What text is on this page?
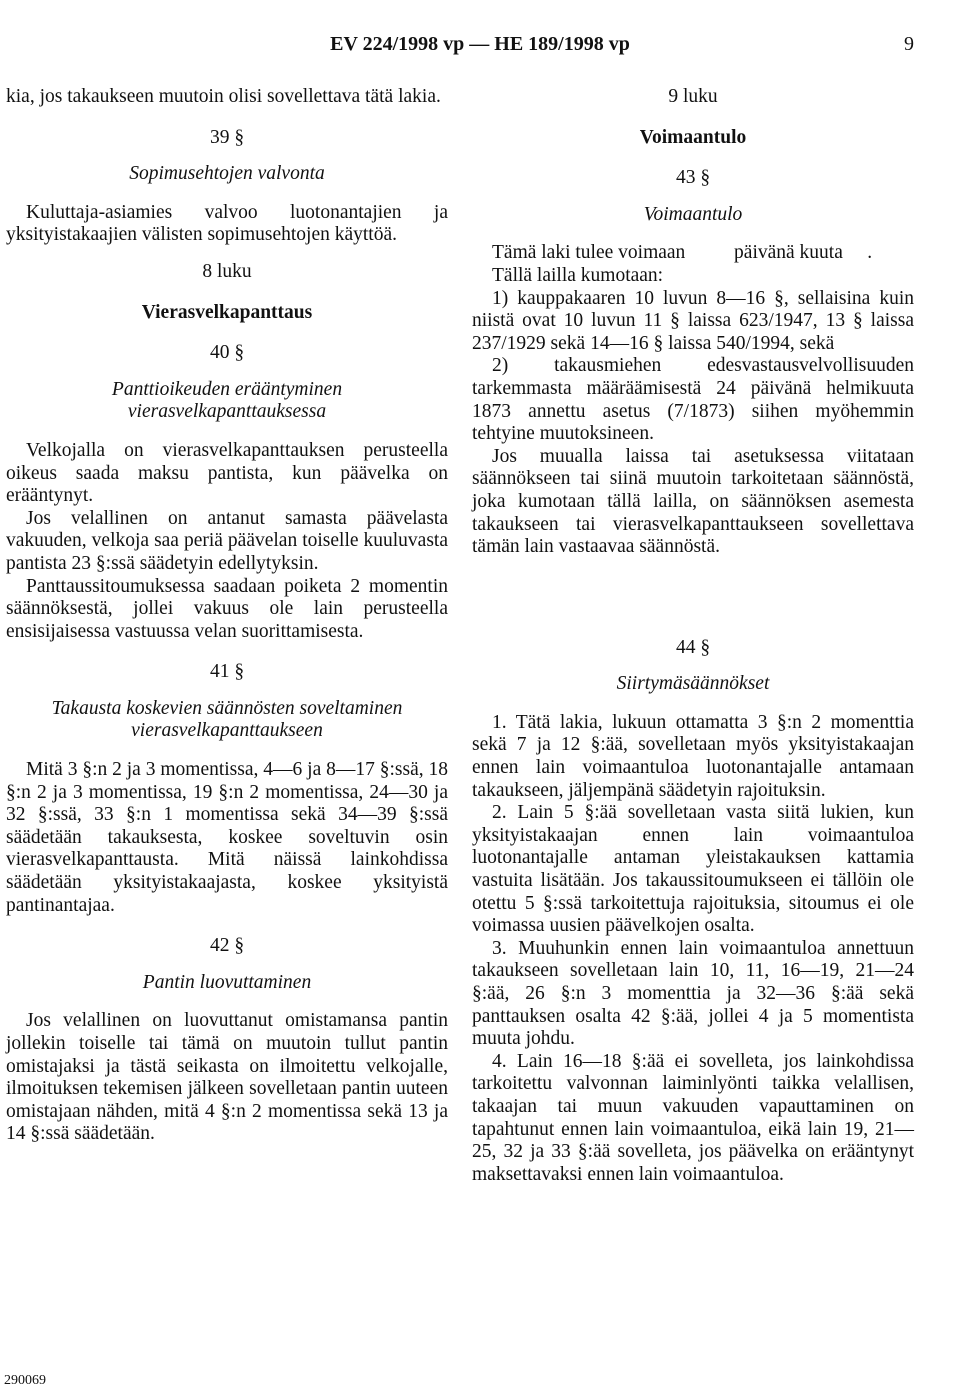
EV 224/1998 vp — HE 189/1998 vp	9

kia, jos takaukseen muutoin olisi sovellettava tätä lakia.

39 §

Sopimusehtojen valvonta

Kuluttaja-asiamies valvoo luotonantajien ja yksityistakaajien välisten sopimusehtojen käyttöä.

8 luku

Vierasvelkapanttaus

40 §

Panttioikeuden erääntyminen vierasvelkapanttauksessa

Velkojalla on vierasvelkapanttauksen perusteella oikeus saada maksu pantista, kun päävelka on erääntynyt.

Jos velallinen on antanut samasta päävelasta vakuuden, velkoja saa periä päävelan toiselle kuuluvasta pantista 23 §:ssä säädetyin edellytyksin.

Panttaussitoumuksessa saadaan poiketa 2 momentin säännöksestä, jollei vakuus ole lain perusteella ensisijaisessa vastuussa velan suorittamisesta.

41 §

Takausta koskevien säännösten soveltaminen vierasvelkapanttaukseen

Mitä 3 §:n 2 ja 3 momentissa, 4—6 ja 8—17 §:ssä, 18 §:n 2 ja 3 momentissa, 19 §:n 2 momentissa, 24—30 ja 32 §:ssä, 33 §:n 1 momentissa sekä 34—39 §:ssä säädetään takauksesta, koskee soveltuvin osin vierasvelkapanttausta. Mitä näissä lainkohdissa säädetään yksityistakaajasta, koskee yksityistä pantinantajaa.

42 §

Pantin luovuttaminen

Jos velallinen on luovuttanut omistamansa pantin jollekin toiselle tai tämä on muutoin tullut pantin omistajaksi ja tästä seikasta on ilmoitettu velkojalle, ilmoituksen tekemisen jälkeen sovelletaan pantin uuteen omistajaan nähden, mitä 4 §:n 2 momentissa sekä 13 ja 14 §:ssä säädetään.

9 luku

Voimaantulo

43 §

Voimaantulo

Tämä laki tulee voimaan          päivänä kuuta     .

Tällä lailla kumotaan:

1) kauppakaaren 10 luvun 8—16 §, sellaisina kuin niistä ovat 10 luvun 11 § laissa 623/1947, 13 § laissa 237/1929 sekä 14—16 § laissa 540/1994, sekä

2) takausmiehen edesvastausvelvollisuuden tarkemmasta määräämisestä 24 päivänä helmikuuta 1873 annettu asetus (7/1873) siihen myöhemmin tehtyine muutoksineen.

Jos muualla laissa tai asetuksessa viitataan säännökseen tai siinä muutoin tarkoitetaan säännöstä, joka kumotaan tällä lailla, on säännöksen asemesta takaukseen tai vierasvelkapanttaukseen sovellettava tämän lain vastaavaa säännöstä.

44 §

Siirtymäsäännökset

1. Tätä lakia, lukuun ottamatta 3 §:n 2 momenttia sekä 7 ja 12 §:ää, sovelletaan myös yksityistakaajan ennen lain voimaantuloa luotonantajalle antamaan takaukseen, jäljempänä säädetyin rajoituksin.

2. Lain 5 §:ää sovelletaan vasta siitä lukien, kun yksityistakaajan ennen lain voimaantuloa luotonantajalle antaman yleistakauksen kattamia vastuita lisätään. Jos takaussitoumukseen ei tällöin ole otettu 5 §:ssä tarkoitettuja rajoituksia, sitoumus ei ole voimassa uusien päävelkojen osalta.

3. Muuhunkin ennen lain voimaantuloa annettuun takaukseen sovelletaan lain 10, 11, 16—19, 21—24 §:ää, 26 §:n 3 momenttia ja 32—36 §:ää sekä panttauksen osalta 42 §:ää, jollei 4 ja 5 momentista muuta johdu.

4. Lain 16—18 §:ää ei sovelleta, jos lainkohdissa tarkoitettu valvonnan laiminlyönti taikka velallisen, takaajan tai muun vakuuden vapauttaminen on tapahtunut ennen lain voimaantuloa, eikä lain 19, 21—25, 32 ja 33 §:ää sovelleta, jos päävelka on erääntynyt maksettavaksi ennen lain voimaantuloa.

290069
